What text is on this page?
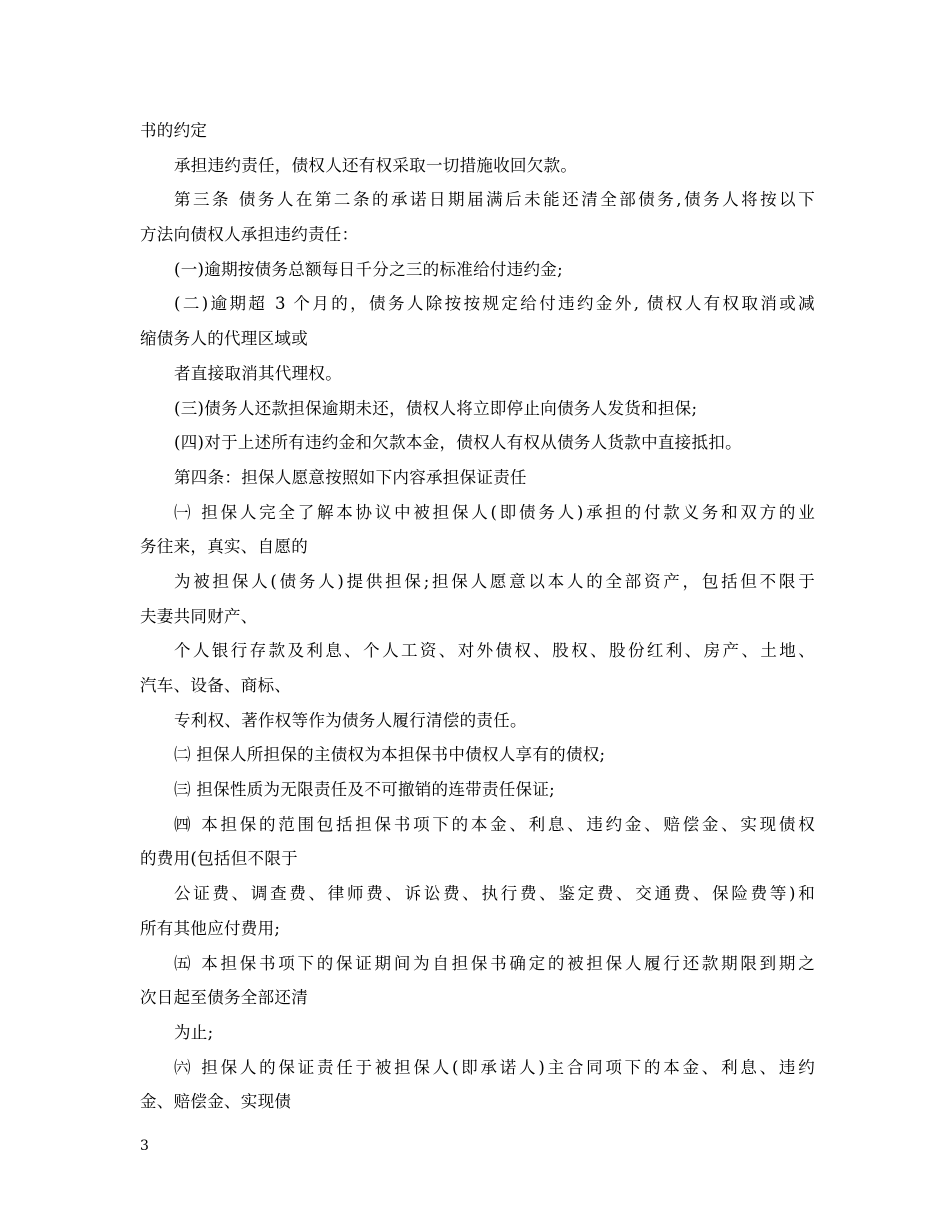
书的约定
承担违约责任，债权人还有权采取一切措施收回欠款。
第三条 债务人在第二条的承诺日期届满后未能还清全部债务,债务人将按以下
方法向债权人承担违约责任：
(一)逾期按债务总额每日千分之三的标准给付违约金;
(二)逾期超 3 个月的，债务人除按按规定给付违约金外, 债权人有权取消或减
缩债务人的代理区域或
者直接取消其代理权。
(三)债务人还款担保逾期未还，债权人将立即停止向债务人发货和担保;
(四)对于上述所有违约金和欠款本金，债权人有权从债务人货款中直接抵扣。
第四条：担保人愿意按照如下内容承担保证责任
㈠ 担保人完全了解本协议中被担保人(即债务人)承担的付款义务和双方的业
务往来，真实、自愿的
为被担保人(债务人)提供担保;担保人愿意以本人的全部资产，包括但不限于
夫妻共同财产、
个人银行存款及利息、个人工资、对外债权、股权、股份红利、房产、土地、
汽车、设备、商标、
专利权、著作权等作为债务人履行清偿的责任。
㈡ 担保人所担保的主债权为本担保书中债权人享有的债权;
㈢ 担保性质为无限责任及不可撤销的连带责任保证;
㈣ 本担保的范围包括担保书项下的本金、利息、违约金、赔偿金、实现债权
的费用(包括但不限于
公证费、调查费、律师费、诉讼费、执行费、鉴定费、交通费、保险费等)和
所有其他应付费用;
㈤ 本担保书项下的保证期间为自担保书确定的被担保人履行还款期限到期之
次日起至债务全部还清
为止;
㈥ 担保人的保证责任于被担保人(即承诺人)主合同项下的本金、利息、违约
金、赔偿金、实现债
3
